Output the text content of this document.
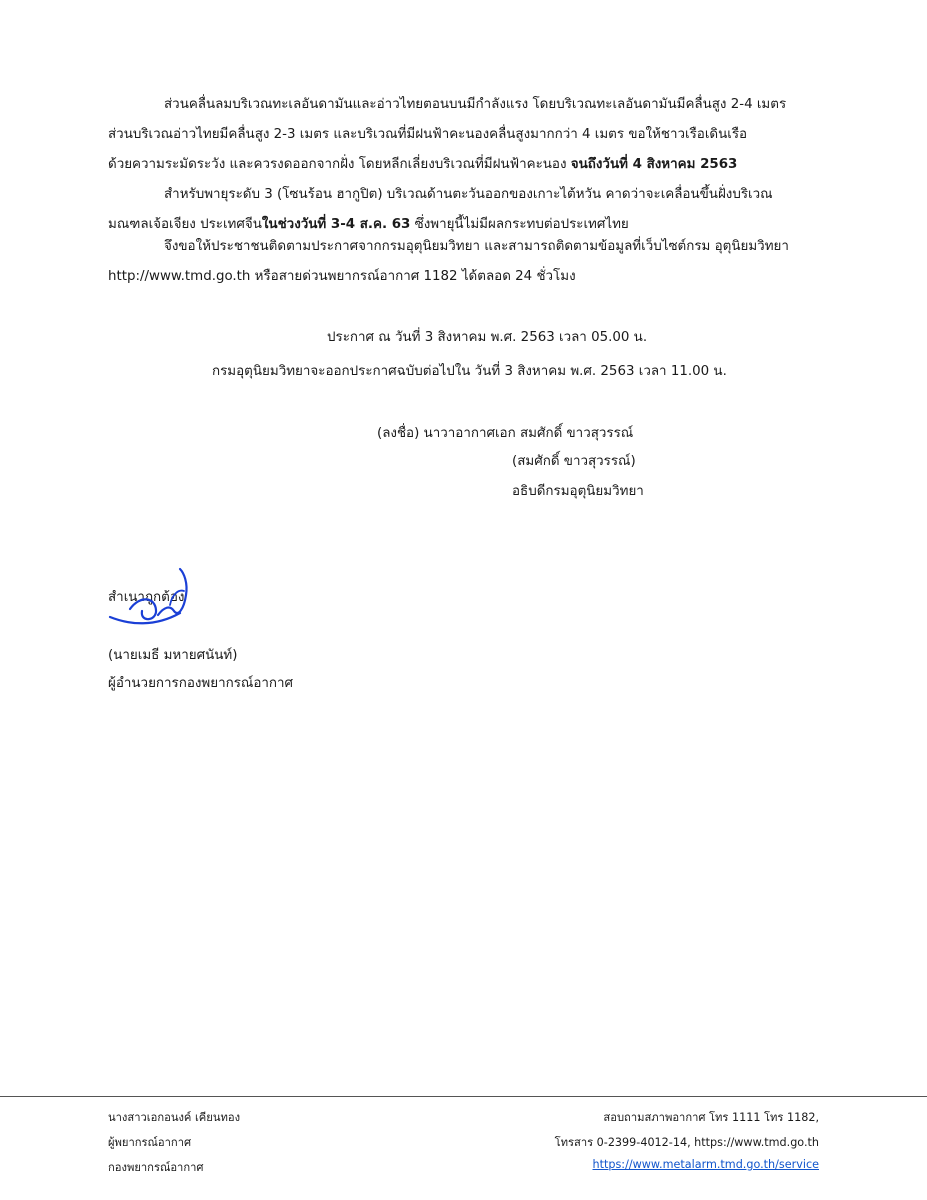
ส่วนคลื่นลมบริเวณทะเลอันดามันและอ่าวไทยตอนบนมีกำลังแรง โดยบริเวณทะเลอันดามันมีคลื่นสูง 2-4 เมตร
ส่วนบริเวณอ่าวไทยมีคลื่นสูง 2-3 เมตร และบริเวณที่มีฝนฟ้าคะนองคลื่นสูงมากกว่า 4 เมตร ขอให้ชาวเรือเดินเรือ
ด้วยความระมัดระวัง และควรงดออกจากฝั่ง โดยหลีกเลี่ยงบริเวณที่มีฝนฟ้าคะนอง จนถึงวันที่ 4 สิงหาคม 2563
สำหรับพายุระดับ 3 (โซนร้อน ฮากูปิต) บริเวณด้านตะวันออกของเกาะไต้หวัน คาดว่าจะเคลื่อนขึ้นฝั่งบริเวณ
มณฑลเจ้อเจียง ประเทศจีนในช่วงวันที่ 3-4 ส.ค. 63 ซึ่งพายุนี้ไม่มีผลกระทบต่อประเทศไทย
จึงขอให้ประชาชนติดตามประกาศจากกรมอุตุนิยมวิทยา และสามารถติดตามข้อมูลที่เว็บไซต์กรม อุตุนิยมวิทยา
http://www.tmd.go.th หรือสายด่วนพยากรณ์อากาศ 1182 ได้ตลอด 24 ชั่วโมง
ประกาศ ณ วันที่ 3 สิงหาคม พ.ศ. 2563 เวลา 05.00 น.
กรมอุตุนิยมวิทยาจะออกประกาศฉบับต่อไปใน วันที่ 3 สิงหาคม พ.ศ. 2563 เวลา 11.00 น.
(ลงชื่อ) นาวาอากาศเอก สมศักดิ์ ขาวสุวรรณ์
(สมศักดิ์ ขาวสุวรรณ์)
อธิบดีกรมอุตุนิยมวิทยา
สำเนาถูกต้อง
(นายเมธี มหายศนันท์)
ผู้อำนวยการกองพยากรณ์อากาศ
นางสาวเอกอนงค์ เคียนทอง
ผู้พยากรณ์อากาศ
กองพยากรณ์อากาศ
สอบถามสภาพอากาศ โทร 1111 โทร 1182,
โทรสาร 0-2399-4012-14, https://www.tmd.go.th
https://www.metalarm.tmd.go.th/service
